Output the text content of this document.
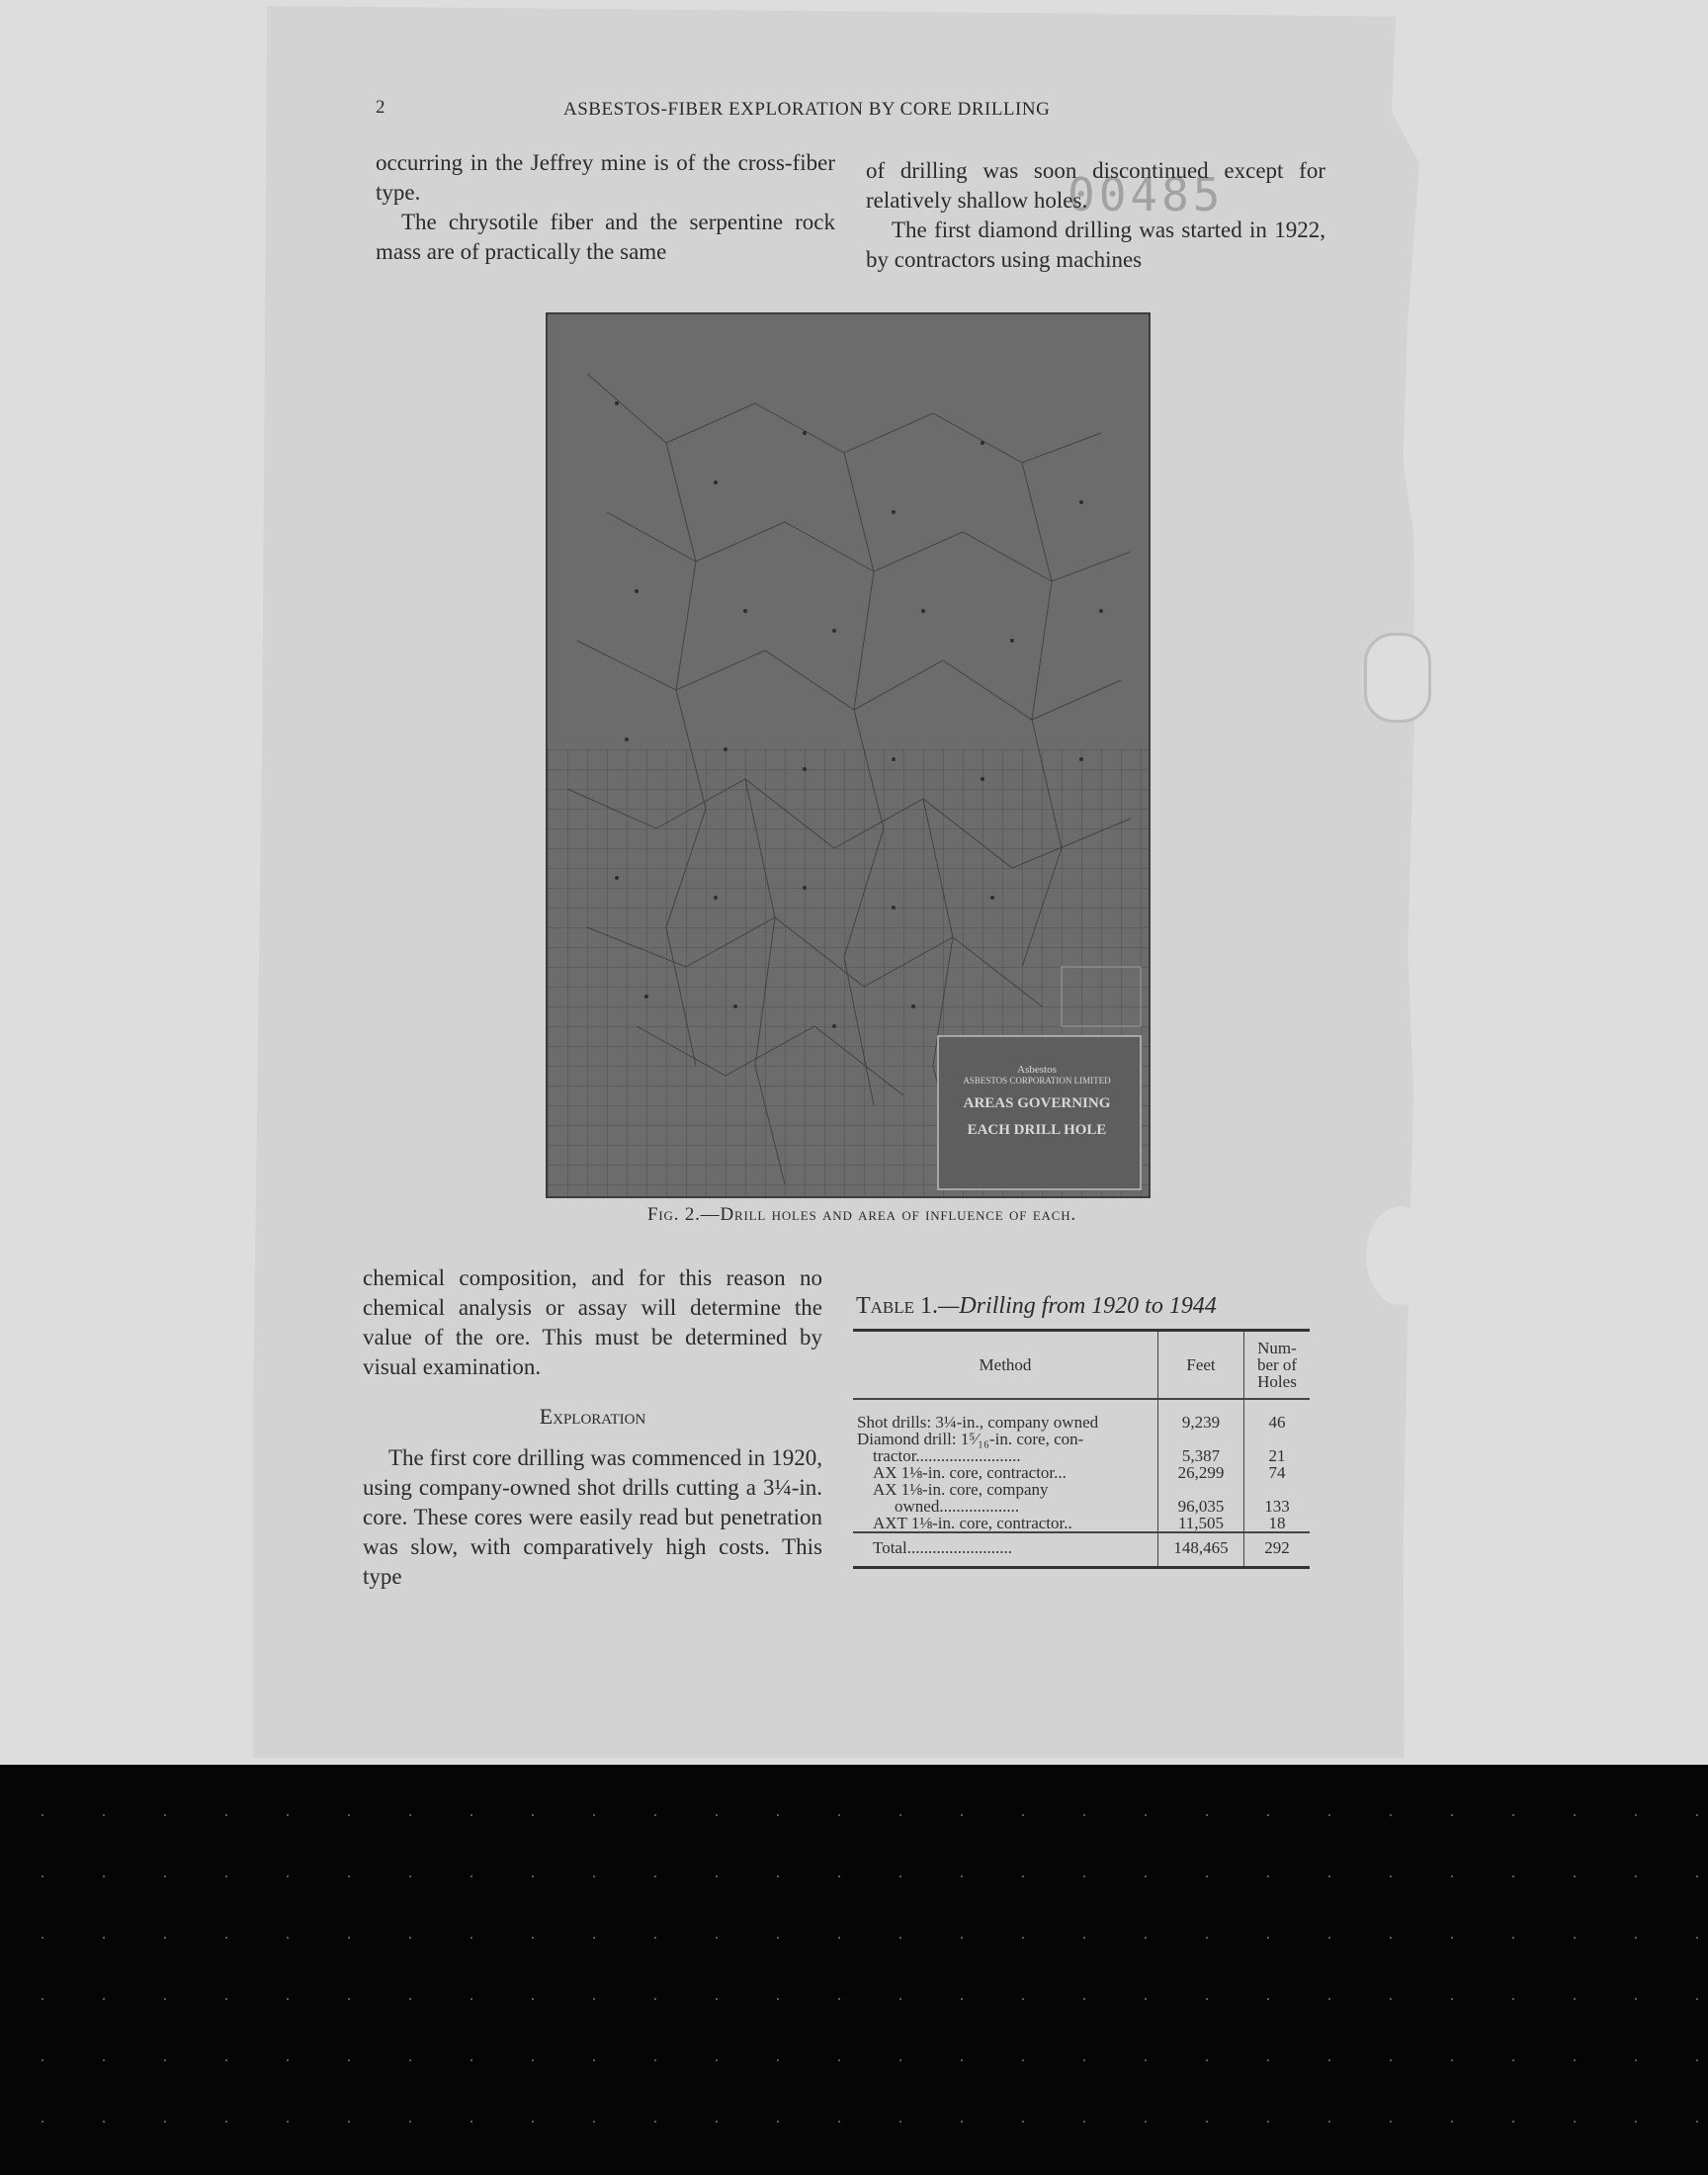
2	ASBESTOS-FIBER EXPLORATION BY CORE DRILLING
00485

occurring in the Jeffrey mine is of the cross-fiber type.

The chrysotile fiber and the serpentine rock mass are of practically the same

of drilling was soon discontinued except for relatively shallow holes.

The first diamond drilling was started in 1922, by contractors using machines

Asbestos
ASBESTOS CORPORATION LIMITED
AREAS GOVERNING
EACH DRILL HOLE
Fig. 2.—Drill holes and area of influence of each.

chemical composition, and for this reason no chemical analysis or assay will determine the value of the ore. This must be determined by visual examination.

Exploration

The first core drilling was commenced in 1920, using company-owned shot drills cutting a 3¼-in. core. These cores were easily read but penetration was slow, with comparatively high costs. This type

Table 1.—Drilling from 1920 to 1944
Method	Feet	Num-
ber of
Holes
Shot drills: 3¼-in., company owned	9,239	46
Diamond drill: 1⁵⁄₁₆-in. core, con-		
tractor.........................	5,387	21
AX 1⅛-in. core, contractor...	26,299	74
AX 1⅛-in. core, company		
owned...................	96,035	133
AXT 1⅛-in. core, contractor..	11,505	18
Total.........................	148,465	292
